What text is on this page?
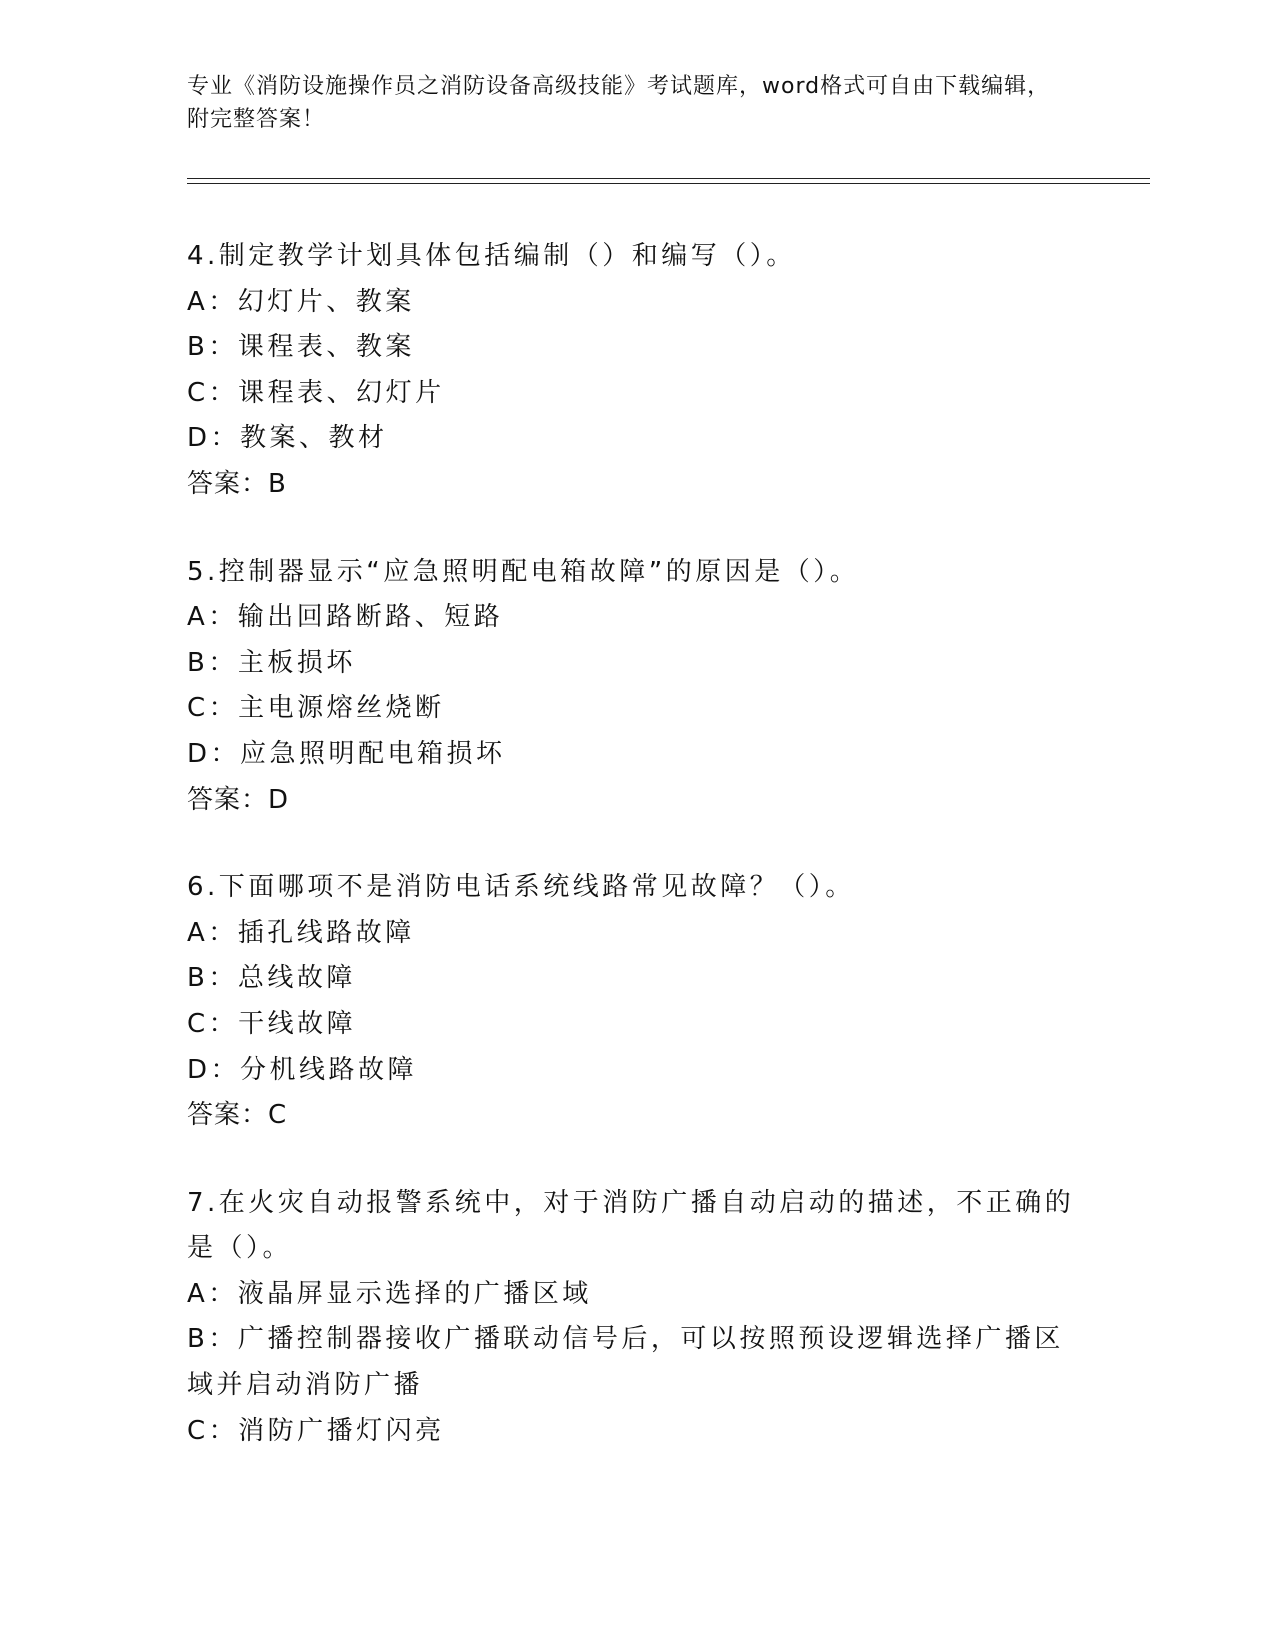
专业《消防设施操作员之消防设备高级技能》考试题库，word格式可自由下载编辑，附完整答案！
4.制定教学计划具体包括编制（）和编写（）。
A：幻灯片、教案
B：课程表、教案
C：课程表、幻灯片
D：教案、教材
答案：B
5.控制器显示“应急照明配电箱故障”的原因是（）。
A：输出回路断路、短路
B：主板损坏
C：主电源熔丝烧断
D：应急照明配电箱损坏
答案：D
6.下面哪项不是消防电话系统线路常见故障？（）。
A：插孔线路故障
B：总线故障
C：干线故障
D：分机线路故障
答案：C
7.在火灾自动报警系统中，对于消防广播自动启动的描述，不正确的是（）。
A：液晶屏显示选择的广播区域
B：广播控制器接收广播联动信号后，可以按照预设逻辑选择广播区域并启动消防广播
C：消防广播灯闪亮
